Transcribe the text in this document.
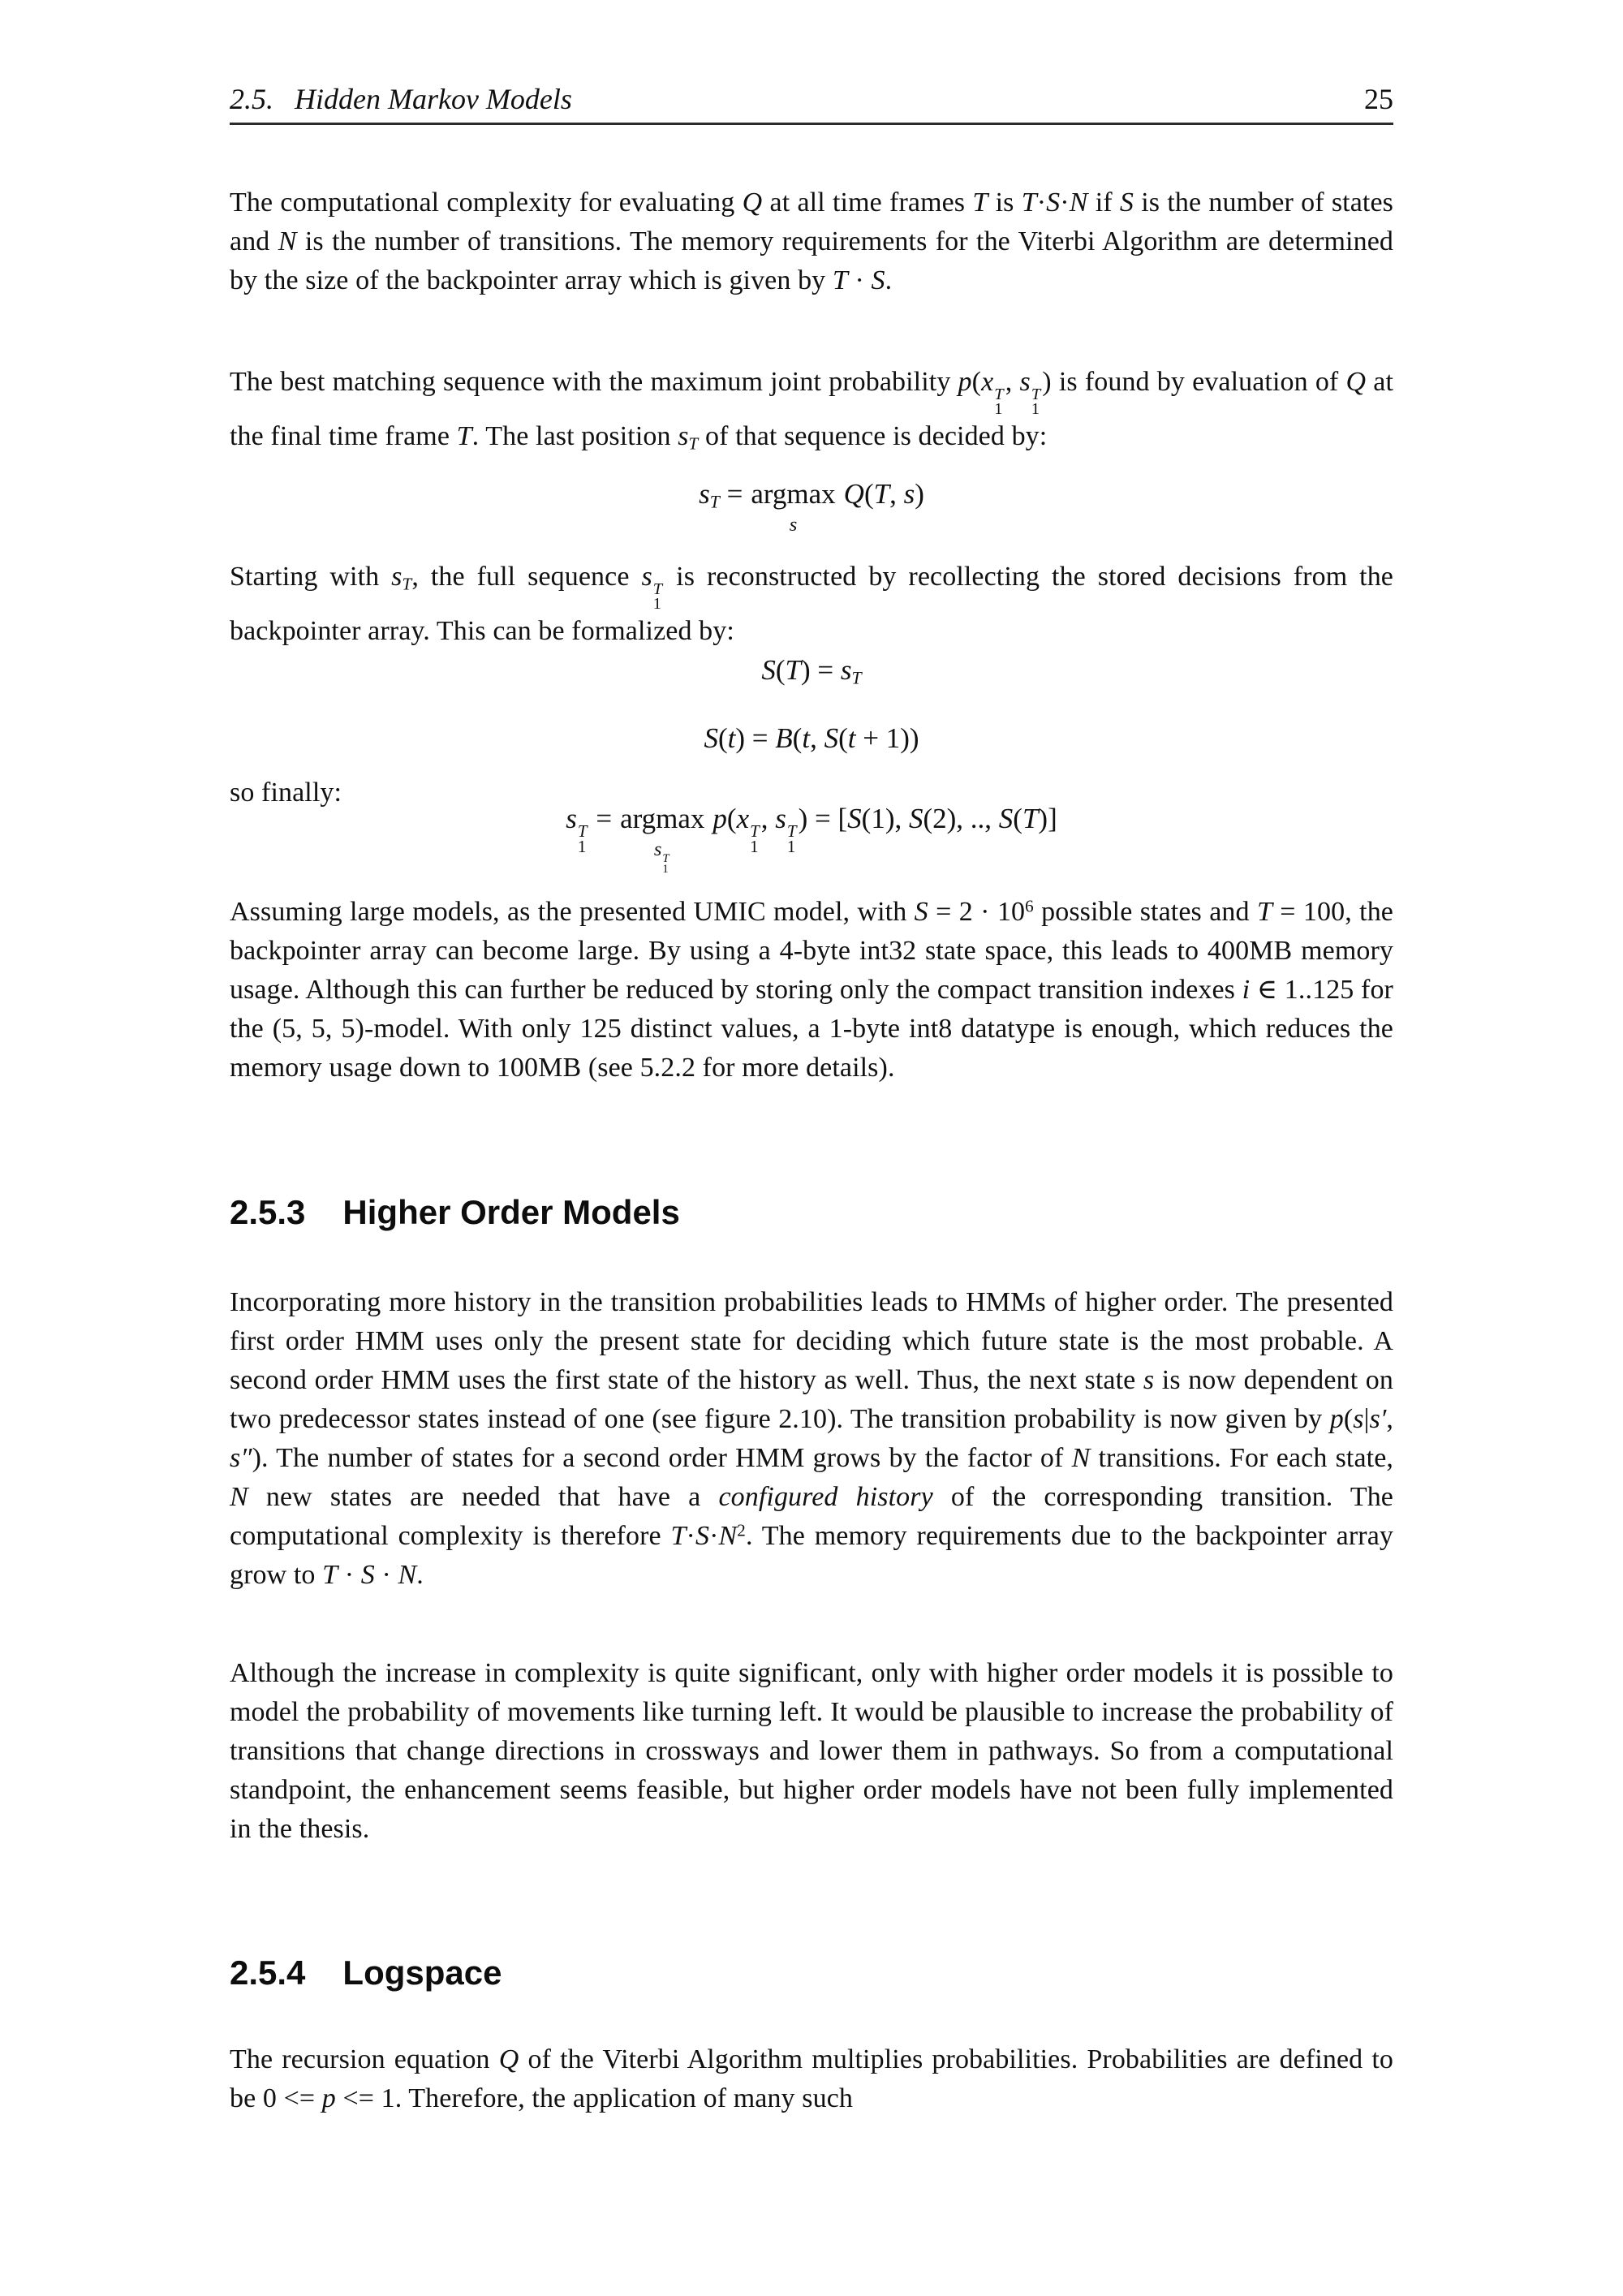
2.5. Hidden Markov Models	25

The computational complexity for evaluating Q at all time frames T is T·S·N if S is the number of states and N is the number of transitions. The memory requirements for the Viterbi Algorithm are determined by the size of the backpointer array which is given by T · S.

The best matching sequence with the maximum joint probability p(x T
1
, s T
1
) is found by evaluation of Q at the final time frame T. The last position $s_T$ of that sequence is decided by:

$s_T = argmax$
s
Q(T, s)

Starting with $s_T$, the full sequence s T
1
is reconstructed by recollecting the stored decisions from the backpointer array. This can be formalized by:

$S(T) = s_T$
S(t) = B(t, S(t + 1))

so finally:

s T
1
= argmax
s T
1
p(x T
1
, s T
1
) = [S(1), S(2), .., S(T)]

Assuming large models, as the presented UMIC model, with $S = 2 \cdot 10^6$ possible states and T = 100, the backpointer array can become large. By using a 4-byte int32 state space, this leads to 400MB memory usage. Although this can further be reduced by storing only the compact transition indexes i ∈ 1..125 for the (5, 5, 5)-model. With only 125 distinct values, a 1-byte int8 datatype is enough, which reduces the memory usage down to 100MB (see 5.2.2 for more details).

2.5.3 Higher Order Models

Incorporating more history in the transition probabilities leads to HMMs of higher order. The presented first order HMM uses only the present state for deciding which future state is the most probable. A second order HMM uses the first state of the history as well. Thus, the next state s is now dependent on two predecessor states instead of one (see figure 2.10). The transition probability is now given by p(s|s′, s″). The number of states for a second order HMM grows by the factor of N transitions. For each state, N new states are needed that have a configured history of the corresponding transition. The computational complexity is therefore $T\cdot S\cdot N^2$. The memory requirements due to the backpointer array grow to T · S · N.

Although the increase in complexity is quite significant, only with higher order models it is possible to model the probability of movements like turning left. It would be plausible to increase the probability of transitions that change directions in crossways and lower them in pathways. So from a computational standpoint, the enhancement seems feasible, but higher order models have not been fully implemented in the thesis.

2.5.4 Logspace

The recursion equation Q of the Viterbi Algorithm multiplies probabilities. Probabilities are defined to be 0 <= p <= 1. Therefore, the application of many such
